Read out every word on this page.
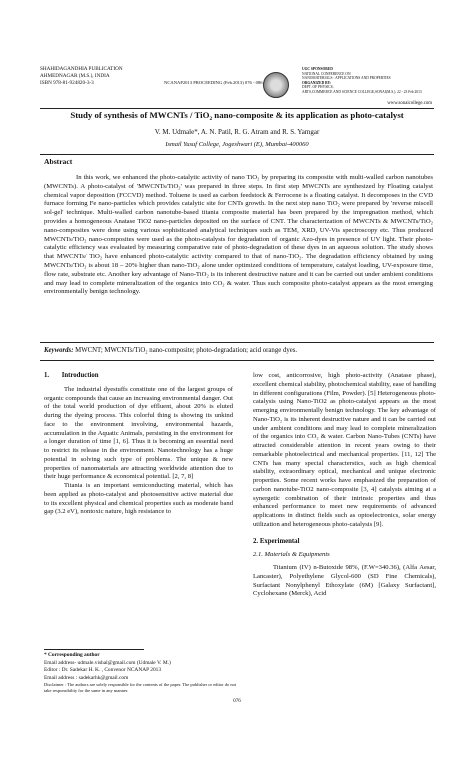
SHAHIDAGANDHIA PUBLICATION
AHMEDNAGAR (M.S.), INDIA
ISBN 978-81-924820-3-3	NCANAP2013 PROCEEDING (Feb.2013) 076 - 086
UGC SPONSORED
NATIONAL CONFERENCE ON
NANOMATERIALS : APPLICATIONS AND PROPERTIES
ORGANIZED BY:
DEPT. OF PHYSICS,
ARTS,COMMERCE AND SCIENCE COLLEGE,SONAI(M.S.), 22 - 23 Feb 2013
www.sonaicollege.com
Study of synthesis of MWCNTs / TiO₂ nano-composite & its application as photo-catalyst
V. M. Udmale*, A. N. Patil, R. G. Atram and R. S. Yamgar
Ismail Yusuf College, Jogeshwari (E), Mumbai-400060
Abstract

In this work, we enhanced the photo-catalytic activity of nano TiO₂ by preparing its composite with multi-walled carbon nanotubes (MWCNTs). A photo-catalyst of 'MWCNTs/TiO₂' was prepared in three steps. In first step MWCNTs are synthesized by Floating catalyst chemical vapor deposition (FCCVD) method. Toluene is used as carbon feedstock & Ferrocene is a floating catalyst. It decomposes in the CVD furnace forming Fe nano-particles which provides catalytic site for CNTs growth. In the next step nano TiO₂ were prepared by 'reverse miscell sol-gel' technique. Multi-walled carbon nanotube-based titania composite material has been prepared by the impregnation method, which provides a homogeneous Anatase TiO2 nano-particles deposited on the surface of CNT. The characterization of MWCNTs & MWCNTs/TiO₂ nano-composites were done using various sophisticated analytical techniques such as TEM, XRD, UV-Vis spectroscopy etc. Thus produced MWCNTs/TiO₂ nano-composites were used as the photo-catalysts for degradation of organic Azo-dyes in presence of UV light. Their photo-catalytic efficiency was evaluated by measuring comparative rate of photo-degradation of these dyes in an aqueous solution. The study shows that MWCNTs/ TiO₂ have enhanced photo-catalytic activity compared to that of nano-TiO₂. The degradation efficiency obtained by using MWCNTs/TiO₂ is about 18 – 20% higher than nano-TiO₂ alone under optimized conditions of temperature, catalyst loading, UV-exposure time, flow rate, substrate etc. Another key advantage of Nano-TiO₂ is its inherent destructive nature and it can be carried out under ambient conditions and may lead to complete mineralization of the organics into CO₂ & water. Thus such composite photo-catalyst appears as the most emerging environmentally benign technology.

Keywords: MWCNT; MWCNTs/TiO₂ nano-composite; photo-degradation; acid orange dyes.
1. Introduction

The industrial dyestuffs constitute one of the largest groups of organic compounds that cause an increasing environmental danger. Out of the total world production of dye effluent, about 20% is eluted during the dyeing process. This colorful thing is showing its unkind face to the environment involving, environmental hazards, accumulation in the Aquatic Animals, persisting in the environment for a longer duration of time [1, 6]. Thus it is becoming an essential need to restrict its release in the environment. Nanotechnology has a huge potential in solving such type of problems. The unique & new properties of nanomaterials are attracting worldwide attention due to their huge performance & economical potential. [2, 7, 8]

Titania is an important semiconducting material, which has been applied as photo-catalyst and photosensitive active material due to its excellent physical and chemical properties such as moderate band gap (3.2 eV), nontoxic nature, high resistance to

low cost, anticorrosive, high photo-activity (Anatase phase), excellent chemical stability, photochemical stability, ease of handling in different configurations (Film, Powder). [5] Heterogeneous photo-catalysis using Nano-TiO2 as photo-catalyst appears as the most emerging environmentally benign technology. The key advantage of Nano-TiO₂ is its inherent destructive nature and it can be carried out under ambient conditions and may lead to complete mineralization of the organics into CO₂ & water. Carbon Nano-Tubes (CNTs) have attracted considerable attention in recent years owing to their remarkable photoelectrical and mechanical properties. [11, 12] The CNTs has many special characterstics, such as high chemical stability, extraordinary optical, mechanical and unique electronic properties. Some recent works have emphasized the preparation of carbon nanotube-TiO2 nano-composite [3, 4] catalysts aiming at a synergetic combination of their intrinsic properties and thus enhanced performance to meet new requirements of advanced applications in distinct fields such as optoelectronics, solar energy utilization and heterogeneous photo-catalysis [9].

2. Experimental
2.1. Materials & Equipments

Titanium (IV) n-Butoxide 98%, (F.W=340.36), (Alfa Aesar, Lancaster), Polyethylene Glycol-600 (SD Fine Chemicals), Surfactant Nonylphenyl Ethoxylate (6M) [Galaxy Surfactant], Cyclohexane (Merck), Acid

* Corresponding author
Email address- udmale.vishal@gmail.com (Udmale V. M.)
Editor : Dr. Sadekar H. K. , Convenor NCANAP 2013
Email address : sadekarhk@gmail.com
Disclaimer : The authors are solely responsible for the contents of the paper. The publisher or editor do not take responsibility for the same in any manner.
076
